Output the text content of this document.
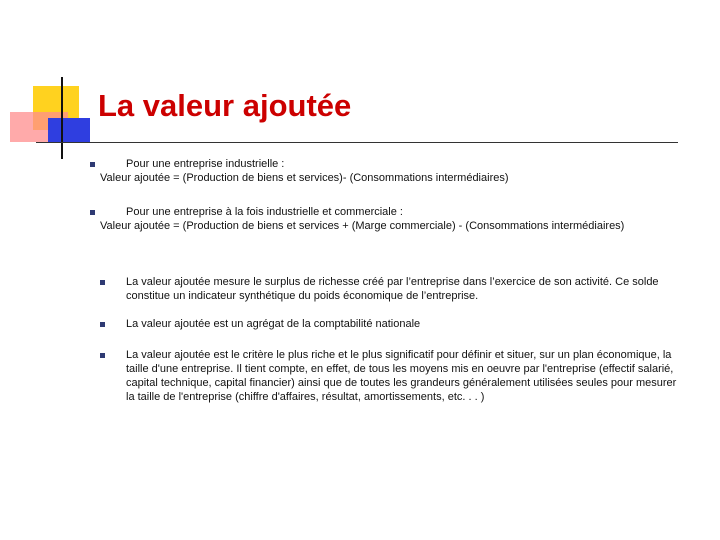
La valeur ajoutée
Pour une entreprise industrielle :
Valeur ajoutée = (Production de biens et services)- (Consommations intermédiaires)
Pour une entreprise à la fois industrielle et commerciale :
Valeur ajoutée = (Production de biens et services + (Marge commerciale) - (Consommations intermédiaires)
La valeur ajoutée mesure le surplus de richesse créé par l’entreprise dans l’exercice de son activité. Ce solde constitue un indicateur synthétique du poids économique de l’entreprise.
La valeur ajoutée est un agrégat de la comptabilité nationale
La valeur ajoutée est le critère le plus riche et le plus significatif pour définir et situer, sur un plan économique, la taille d'une entreprise. Il tient compte, en effet, de tous les moyens mis en oeuvre par l'entreprise (effectif salarié, capital technique, capital financier) ainsi que de toutes les grandeurs généralement utilisées seules pour mesurer la taille de l'entreprise (chiffre d'affaires, résultat, amortissements, etc. . . )
